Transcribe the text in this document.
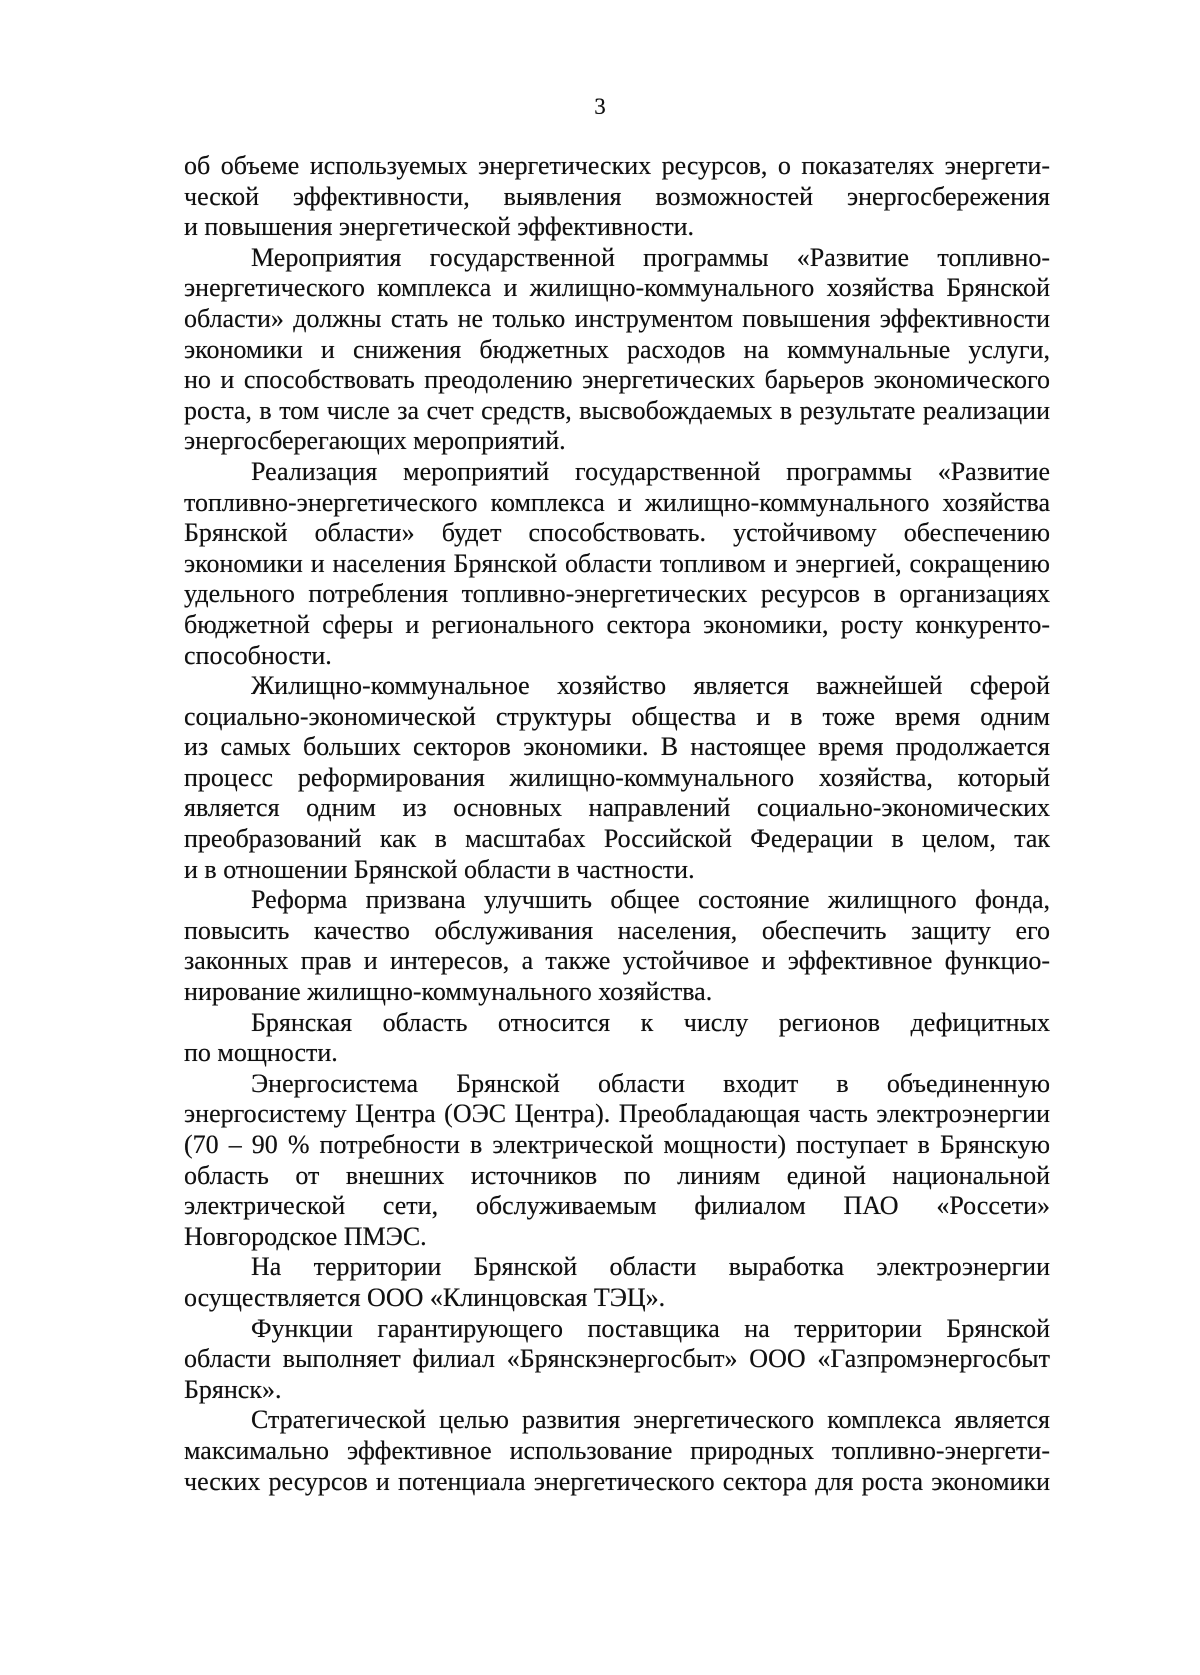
3
об объеме используемых энергетических ресурсов, о показателях энергети-
ческой эффективности, выявления возможностей энергосбережения
и повышения энергетической эффективности.
Мероприятия государственной программы «Развитие топливно-
энергетического комплекса и жилищно-коммунального хозяйства Брянской
области» должны стать не только инструментом повышения эффективности
экономики и снижения бюджетных расходов на коммунальные услуги,
но и способствовать преодолению энергетических барьеров экономического
роста, в том числе за счет средств, высвобождаемых в результате реализации
энергосберегающих мероприятий.
Реализация мероприятий государственной программы «Развитие
топливно-энергетического комплекса и жилищно-коммунального хозяйства
Брянской области» будет способствовать. устойчивому обеспечению
экономики и населения Брянской области топливом и энергией, сокращению
удельного потребления топливно-энергетических ресурсов в организациях
бюджетной сферы и регионального сектора экономики, росту конкуренто-
способности.
Жилищно-коммунальное хозяйство является важнейшей сферой
социально-экономической структуры общества и в тоже время одним
из самых больших секторов экономики. В настоящее время продолжается
процесс реформирования жилищно-коммунального хозяйства, который
является одним из основных направлений социально-экономических
преобразований как в масштабах Российской Федерации в целом, так
и в отношении Брянской области в частности.
Реформа призвана улучшить общее состояние жилищного фонда,
повысить качество обслуживания населения, обеспечить защиту его
законных прав и интересов, а также устойчивое и эффективное функцио-
нирование жилищно-коммунального хозяйства.
Брянская область относится к числу регионов дефицитных
по мощности.
Энергосистема Брянской области входит в объединенную
энергосистему Центра (ОЭС Центра). Преобладающая часть электроэнергии
(70 – 90 % потребности в электрической мощности) поступает в Брянскую
область от внешних источников по линиям единой национальной
электрической сети, обслуживаемым филиалом ПАО «Россети»
Новгородское ПМЭС.
На территории Брянской области выработка электроэнергии
осуществляется ООО «Клинцовская ТЭЦ».
Функции гарантирующего поставщика на территории Брянской
области выполняет филиал «Брянскэнергосбыт» ООО «Газпромэнергосбыт
Брянск».
Стратегической целью развития энергетического комплекса является
максимально эффективное использование природных топливно-энергети-
ческих ресурсов и потенциала энергетического сектора для роста экономики
